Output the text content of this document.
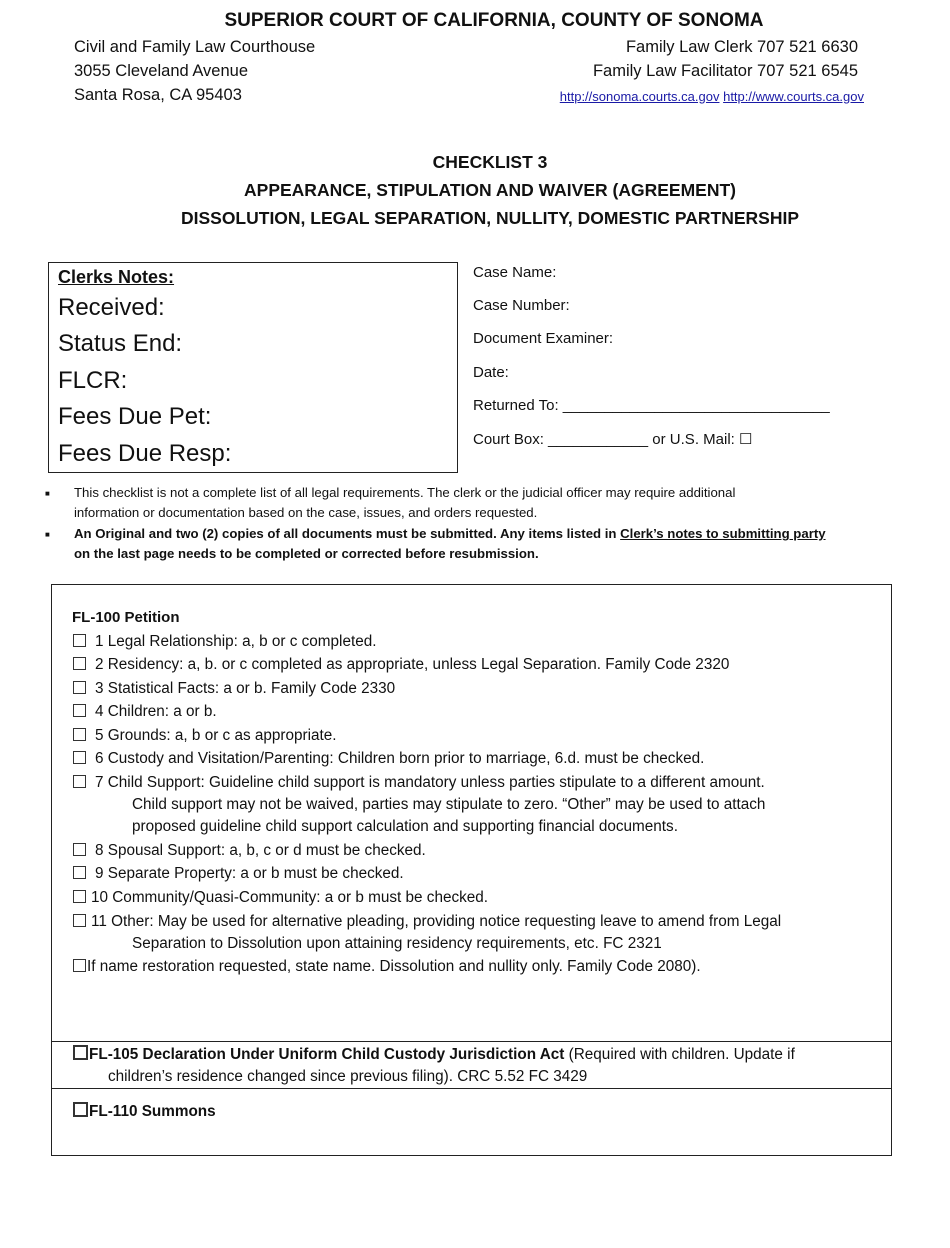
SUPERIOR COURT OF CALIFORNIA, COUNTY OF SONOMA
Civil and Family Law Courthouse
3055 Cleveland Avenue
Santa Rosa, CA 95403
Family Law Clerk 707 521 6630
Family Law Facilitator 707 521 6545
http://sonoma.courts.ca.gov http://www.courts.ca.gov
CHECKLIST 3
APPEARANCE, STIPULATION AND WAIVER (AGREEMENT)
DISSOLUTION, LEGAL SEPARATION, NULLITY, DOMESTIC PARTNERSHIP
Clerks Notes:
Received:
Status End:
FLCR:
Fees Due Pet:
Fees Due Resp:
Case Name:
Case Number:
Document Examiner:
Date:
Returned To: ________________________________
Court Box: ____________ or U.S. Mail: ☐
■ This checklist is not a complete list of all legal requirements. The clerk or the judicial officer may require additional
information or documentation based on the case, issues, and orders requested.
■ An Original and two (2) copies of all documents must be submitted. Any items listed in Clerk’s notes to submitting party
on the last page needs to be completed or corrected before resubmission.
FL-100 Petition
1 Legal Relationship: a, b or c completed.
2 Residency: a, b. or c completed as appropriate, unless Legal Separation. Family Code 2320
3 Statistical Facts: a or b. Family Code 2330
4 Children: a or b.
5 Grounds: a, b or c as appropriate.
6 Custody and Visitation/Parenting: Children born prior to marriage, 6.d. must be checked.
7 Child Support: Guideline child support is mandatory unless parties stipulate to a different amount.
Child support may not be waived, parties may stipulate to zero. “Other” may be used to attach
proposed guideline child support calculation and supporting financial documents.
8 Spousal Support: a, b, c or d must be checked.
9 Separate Property: a or b must be checked.
10 Community/Quasi-Community: a or b must be checked.
11 Other: May be used for alternative pleading, providing notice requesting leave to amend from Legal
Separation to Dissolution upon attaining residency requirements, etc. FC 2321
If name restoration requested, state name. Dissolution and nullity only. Family Code 2080).
FL-105 Declaration Under Uniform Child Custody Jurisdiction Act (Required with children. Update if
children’s residence changed since previous filing). CRC 5.52 FC 3429
FL-110 Summons
